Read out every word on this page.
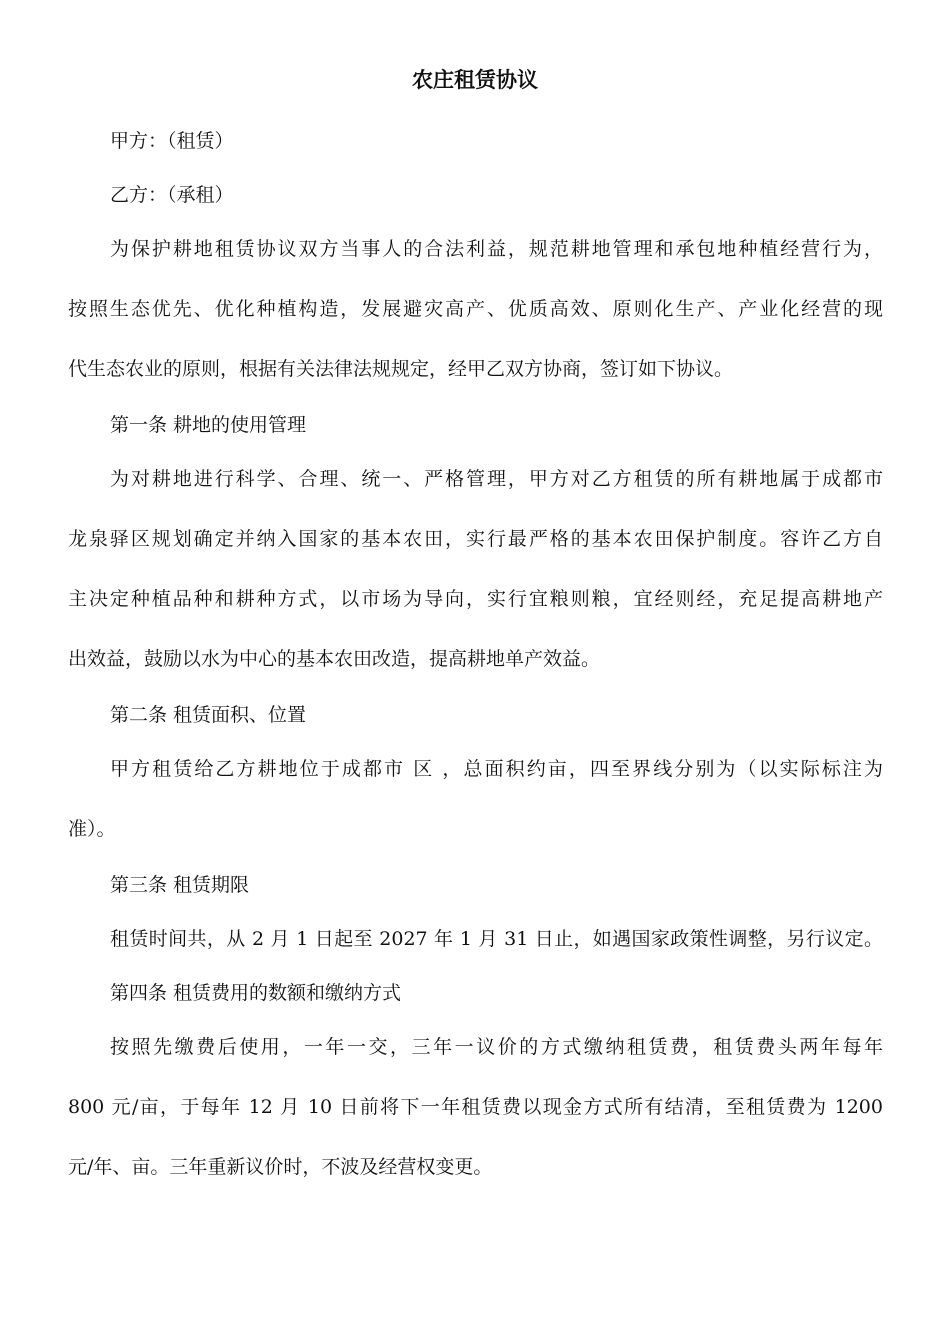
农庄租赁协议
甲方：（租赁）
乙方：（承租）
为保护耕地租赁协议双方当事人的合法利益，规范耕地管理和承包地种植经营行为，
按照生态优先、优化种植构造，发展避灾高产、优质高效、原则化生产、产业化经营的现
代生态农业的原则，根据有关法律法规规定，经甲乙双方协商，签订如下协议。
第一条 耕地的使用管理
为对耕地进行科学、合理、统一、严格管理，甲方对乙方租赁的所有耕地属于成都市
龙泉驿区规划确定并纳入国家的基本农田，实行最严格的基本农田保护制度。容许乙方自
主决定种植品种和耕种方式，以市场为导向，实行宜粮则粮，宜经则经，充足提高耕地产
出效益，鼓励以水为中心的基本农田改造，提高耕地单产效益。
第二条 租赁面积、位置
甲方租赁给乙方耕地位于成都市 区 ，总面积约亩，四至界线分别为（以实际标注为
准）。
第三条 租赁期限
租赁时间共，从 2 月 1 日起至 2027 年 1 月 31 日止，如遇国家政策性调整，另行议定。
第四条 租赁费用的数额和缴纳方式
按照先缴费后使用，一年一交，三年一议价的方式缴纳租赁费，租赁费头两年每年
800 元/亩，于每年 12 月 10 日前将下一年租赁费以现金方式所有结清，至租赁费为 1200
元/年、亩。三年重新议价时，不波及经营权变更。
